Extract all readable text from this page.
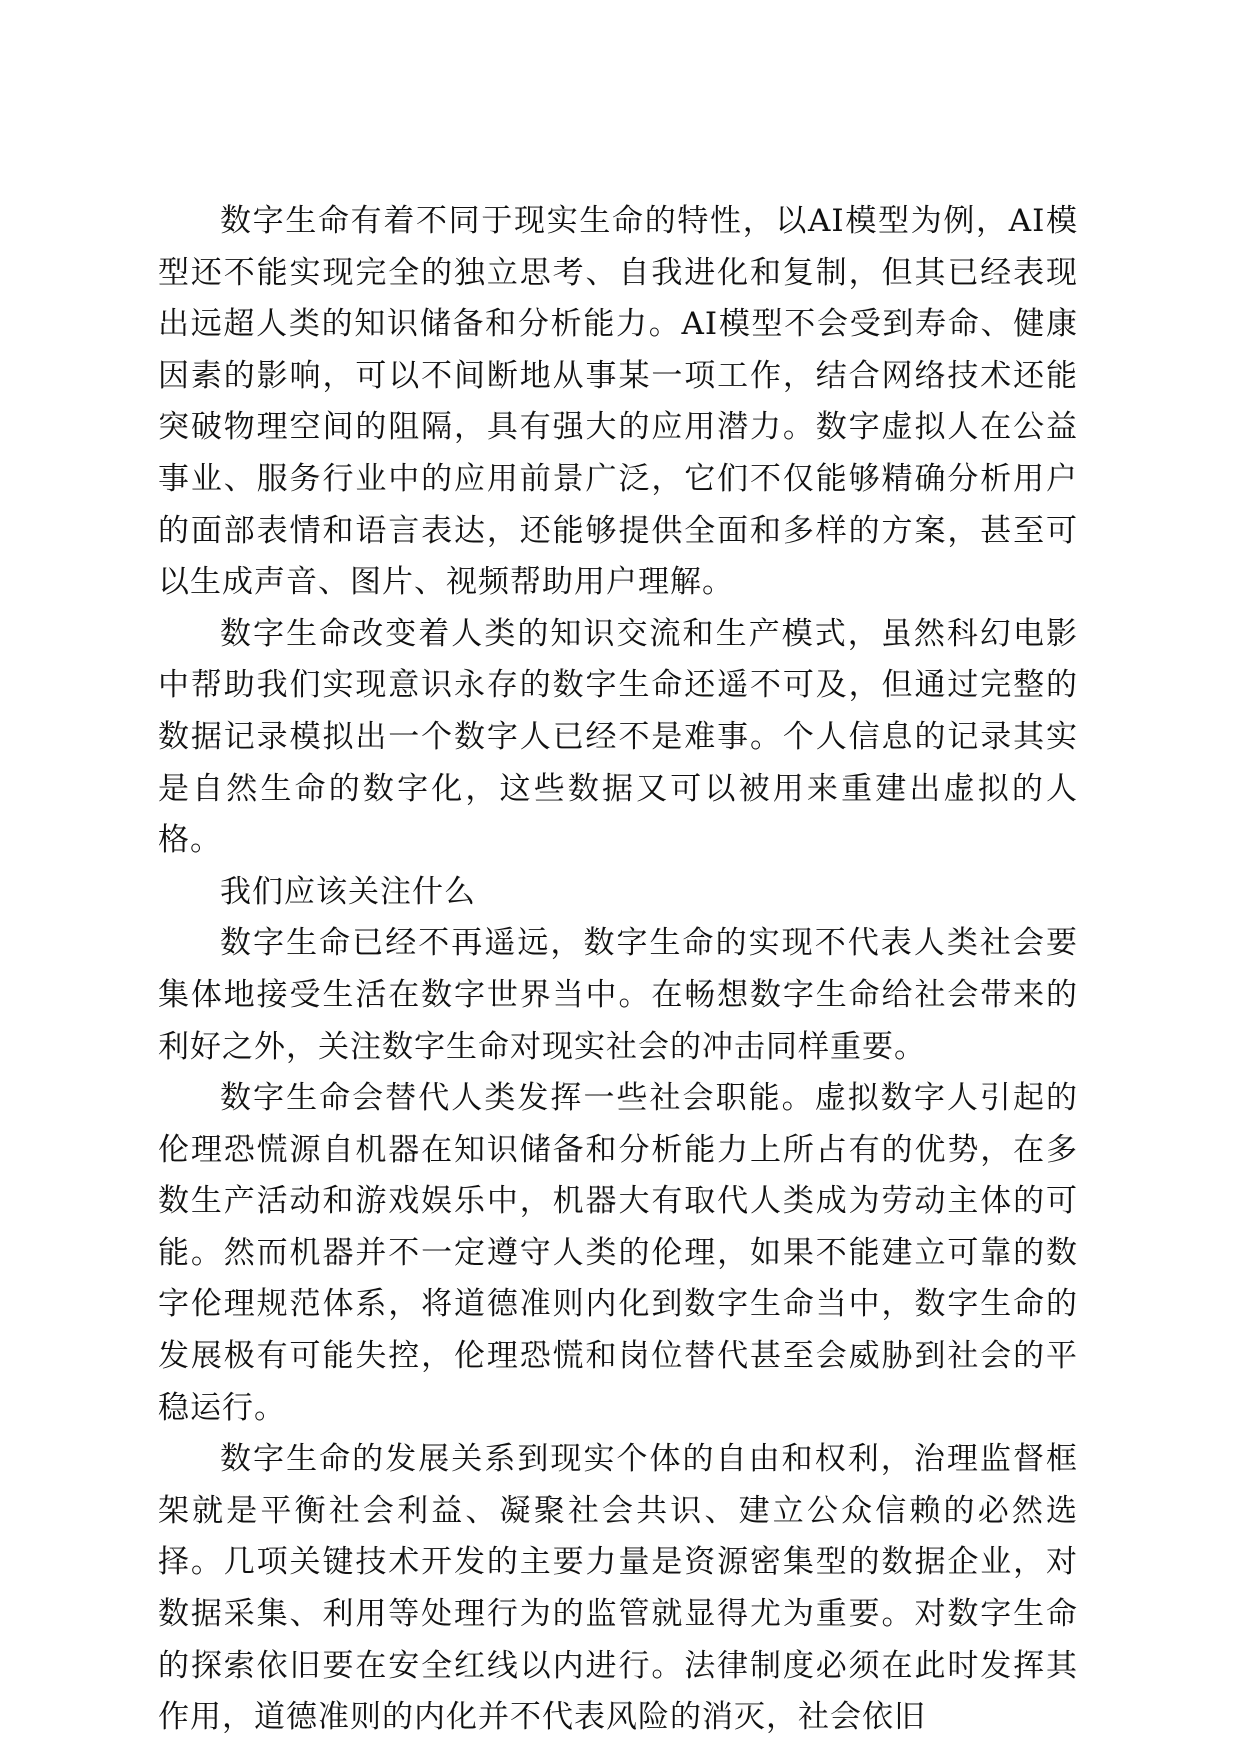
数字生命有着不同于现实生命的特性，以AI模型为例，AI模型还不能实现完全的独立思考、自我进化和复制，但其已经表现出远超人类的知识储备和分析能力。AI模型不会受到寿命、健康因素的影响，可以不间断地从事某一项工作，结合网络技术还能突破物理空间的阻隔，具有强大的应用潜力。数字虚拟人在公益事业、服务行业中的应用前景广泛，它们不仅能够精确分析用户的面部表情和语言表达，还能够提供全面和多样的方案，甚至可以生成声音、图片、视频帮助用户理解。

数字生命改变着人类的知识交流和生产模式，虽然科幻电影中帮助我们实现意识永存的数字生命还遥不可及，但通过完整的数据记录模拟出一个数字人已经不是难事。个人信息的记录其实是自然生命的数字化，这些数据又可以被用来重建出虚拟的人格。

我们应该关注什么

数字生命已经不再遥远，数字生命的实现不代表人类社会要集体地接受生活在数字世界当中。在畅想数字生命给社会带来的利好之外，关注数字生命对现实社会的冲击同样重要。

数字生命会替代人类发挥一些社会职能。虚拟数字人引起的伦理恐慌源自机器在知识储备和分析能力上所占有的优势，在多数生产活动和游戏娱乐中，机器大有取代人类成为劳动主体的可能。然而机器并不一定遵守人类的伦理，如果不能建立可靠的数字伦理规范体系，将道德准则内化到数字生命当中，数字生命的发展极有可能失控，伦理恐慌和岗位替代甚至会威胁到社会的平稳运行。

数字生命的发展关系到现实个体的自由和权利，治理监督框架就是平衡社会利益、凝聚社会共识、建立公众信赖的必然选择。几项关键技术开发的主要力量是资源密集型的数据企业，对数据采集、利用等处理行为的监管就显得尤为重要。对数字生命的探索依旧要在安全红线以内进行。法律制度必须在此时发挥其作用，道德准则的内化并不代表风险的消灭，社会依旧
